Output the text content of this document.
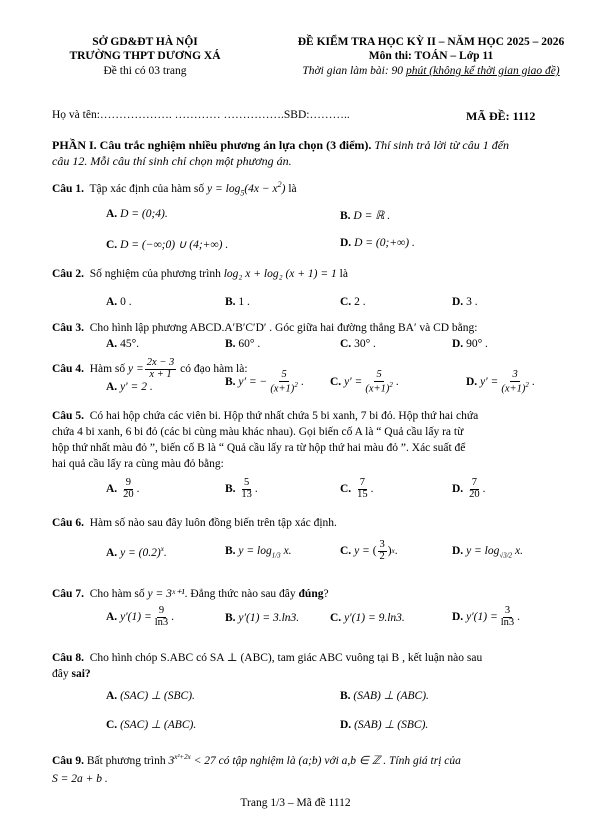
SỞ GD&ĐT HÀ NỘI
TRƯỜNG THPT DƯƠNG XÁ
Đề thi có 03 trang
ĐỀ KIỂM TRA HỌC KỲ II – NĂM HỌC 2025 – 2026
Môn thi: TOÁN – Lớp 11
Thời gian làm bài: 90 phút (không kể thời gian giao đề)
Họ và tên:………………. ………… …………….SBD:………..	MÃ ĐỀ: 1112
PHẦN I. Câu trắc nghiệm nhiều phương án lựa chọn (3 điểm). Thí sinh trả lời từ câu 1 đến
câu 12. Mỗi câu thí sinh chỉ chọn một phương án.
Câu 1. Tập xác định của hàm số $y = \log_5(4x - x^2)$ là
A. D = (0;4).	B. D = ℝ .
C. D = (−∞;0) ∪ (4;+∞) .	D. D = (0;+∞) .
Câu 2. Số nghiệm của phương trình log₂ x + log₂ (x + 1) = 1 là
A. 0 .	B. 1 .	C. 2 .	D. 3 .
Câu 3. Cho hình lập phương ABCD.A′B′C′D′ . Góc giữa hai đường thẳng BA′ và CD bằng:
A. 45°.	B. 60° .	C. 30° .	D. 90° .
Câu 4.
Hàm số
$y = \frac{2x - 3}{x + 1}$
có đạo hàm là:
A.
y′ = 2 .	B.
y′ = − $\frac{5}{(x+1)^2}$ . C.
$y' = \frac{5}{(x+1)^2}$ .	D.
$y' = \frac{3}{(x+1)^2}$ .
Câu 5. Có hai hộp chứa các viên bi. Hộp thứ nhất chứa 5 bi xanh, 7 bi đỏ. Hộp thứ hai chứa
chứa 4 bi xanh, 6 bi đỏ (các bi cùng màu khác nhau). Gọi biến cố A là “ Quả cầu lấy ra từ
hộp thứ nhất màu đỏ ”, biến cố B là “ Quả cầu lấy ra từ hộp thứ hai màu đỏ ”. Xác suất để
hai quả cầu lấy ra cùng màu đỏ bằng:
A.
$\frac{9}{20}$ .	B.
$\frac{5}{13}$ .	C.
$\frac{7}{15}$ .	D.
$\frac{7}{20}$ .
Câu 6. Hàm số nào sau đây luôn đồng biến trên tập xác định.
A. $y = (0.2)^x$.	B. $y = \log_{1/3} x$.	C.
y = ( $\frac{3}{2}$ ) x .	D. $y = \log_{√3/2} x$.
Câu 7. Cho hàm số y = 3ˣ⁺¹. Đẳng thức nào sau đây đúng?
A.
$y'(1) = \frac{9}{\ln 3}$ .	B. y′(1) = 3.ln3.	C. y′(1) = 9.ln3.	D.
$y'(1) = \frac{3}{\ln 3}$ .
Câu 8. Cho hình chóp S.ABC có SA ⊥ (ABC), tam giác ABC vuông tại B , kết luận nào sau
đây sai?
A. (SAC) ⊥ (SBC).	B. (SAB) ⊥ (ABC).
C. (SAC) ⊥ (ABC).	D. (SAB) ⊥ (SBC).
Câu 9. Bất phương trình $3^{x^2+2x} < 27$ có tập nghiệm là (a;b) với a,b ∈ ℤ . Tính giá trị của
S = 2a + b .
Trang 1/3 – Mã đề 1112
